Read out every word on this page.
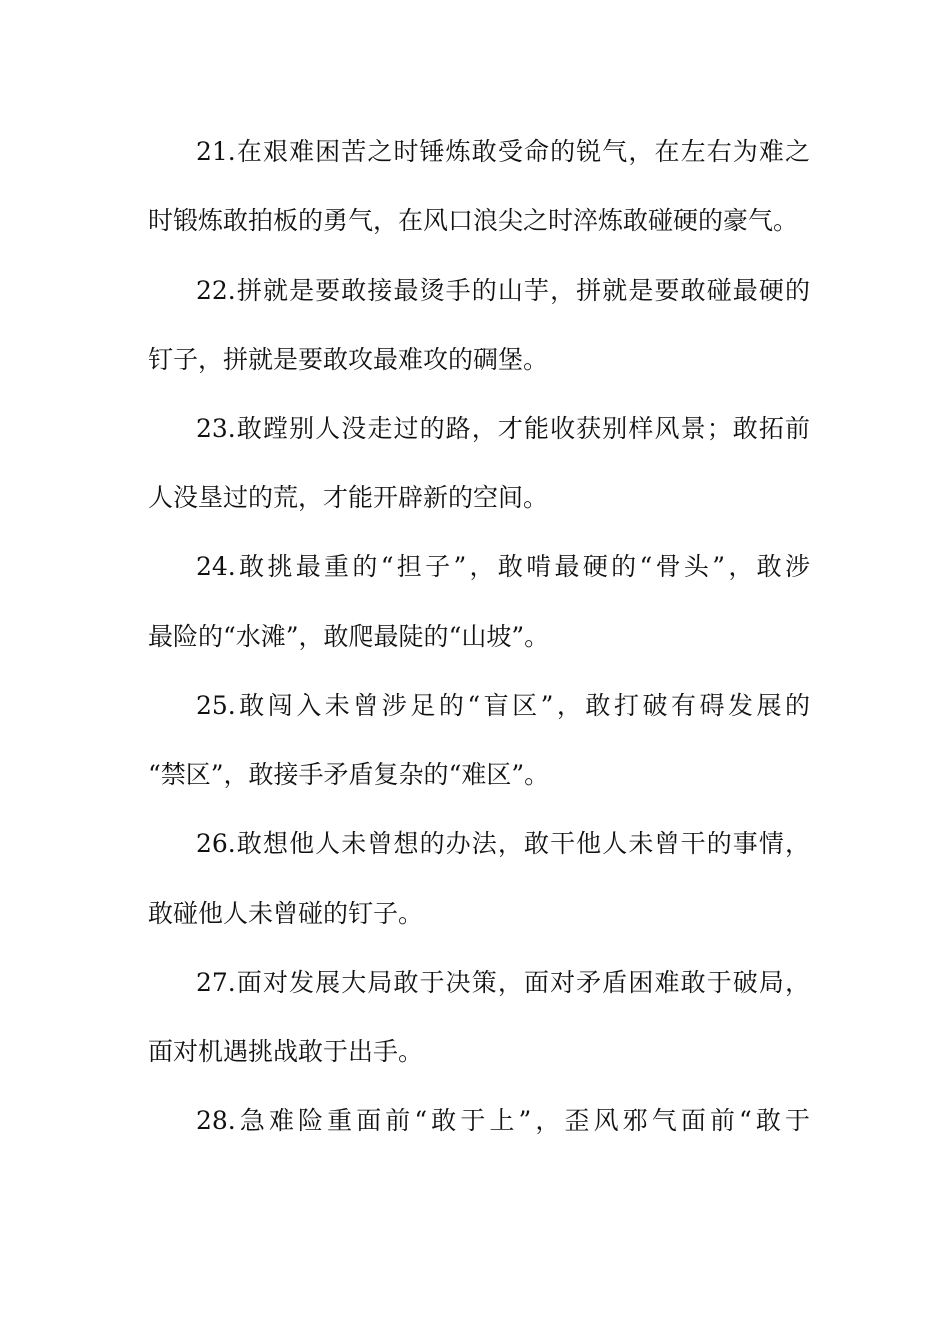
21.在艰难困苦之时锤炼敢受命的锐气，在左右为难之
时锻炼敢拍板的勇气，在风口浪尖之时淬炼敢碰硬的豪气。
22.拼就是要敢接最烫手的山芋，拼就是要敢碰最硬的
钉子，拼就是要敢攻最难攻的碉堡。
23.敢蹚别人没走过的路，才能收获别样风景；敢拓前
人没垦过的荒，才能开辟新的空间。
24.敢挑最重的“担子”，敢啃最硬的“骨头”，敢涉
最险的“水滩”，敢爬最陡的“山坡”。
25.敢闯入未曾涉足的“盲区”，敢打破有碍发展的
“禁区”，敢接手矛盾复杂的“难区”。
26.敢想他人未曾想的办法，敢干他人未曾干的事情，
敢碰他人未曾碰的钉子。
27.面对发展大局敢于决策，面对矛盾困难敢于破局，
面对机遇挑战敢于出手。
28.急难险重面前“敢于上”，歪风邪气面前“敢于
